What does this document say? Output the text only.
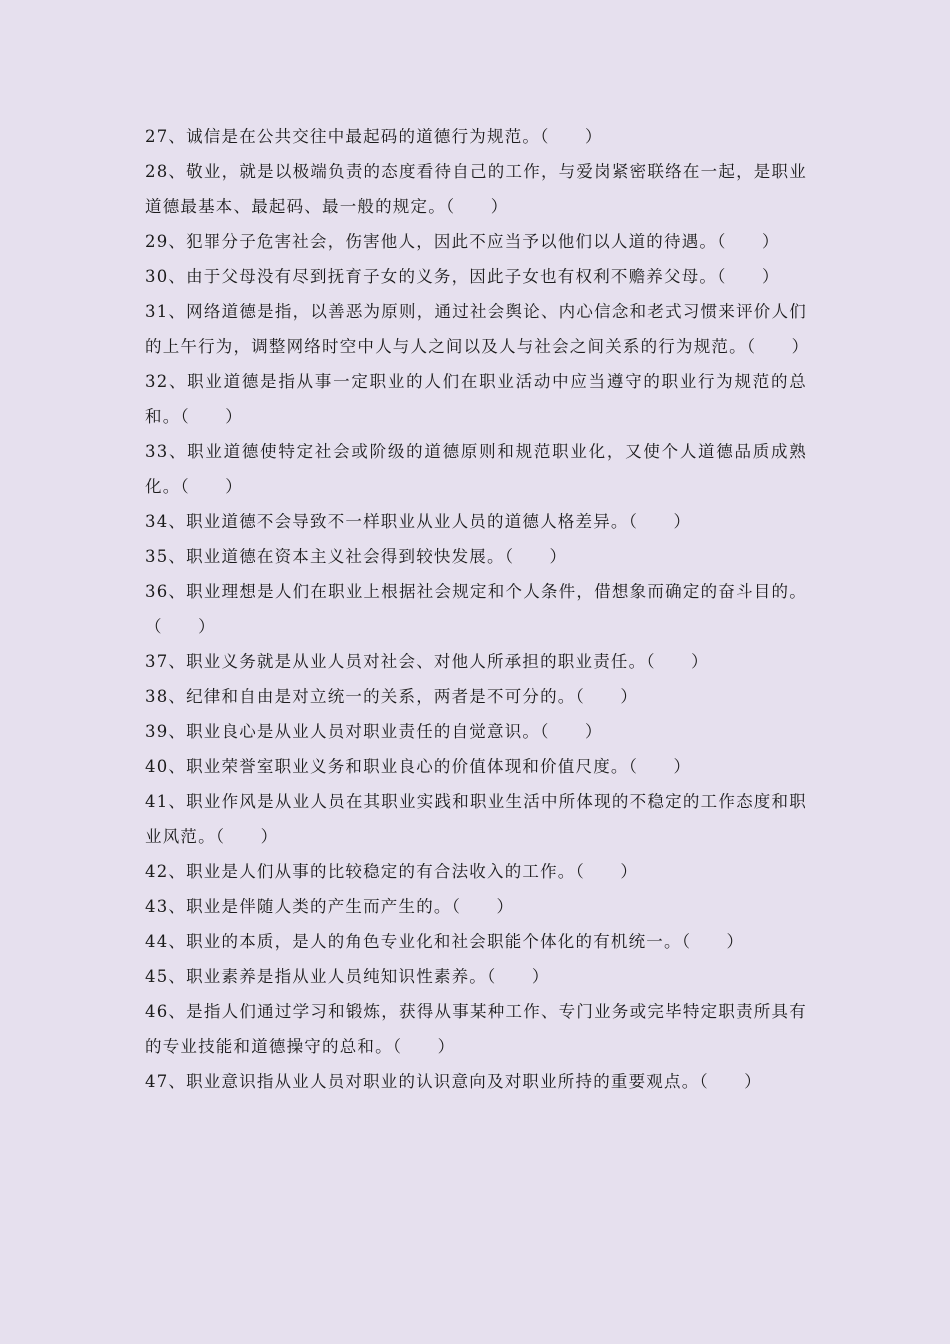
27、诚信是在公共交往中最起码的道德行为规范。（　　）
28、敬业，就是以极端负责的态度看待自己的工作，与爱岗紧密联络在一起，是职业道德最基本、最起码、最一般的规定。（　　）
29、犯罪分子危害社会，伤害他人，因此不应当予以他们以人道的待遇。（　　）
30、由于父母没有尽到抚育子女的义务，因此子女也有权利不赡养父母。（　　）
31、网络道德是指，以善恶为原则，通过社会舆论、内心信念和老式习惯来评价人们的上午行为，调整网络时空中人与人之间以及人与社会之间关系的行为规范。（　　）
32、职业道德是指从事一定职业的人们在职业活动中应当遵守的职业行为规范的总和。（　　）
33、职业道德使特定社会或阶级的道德原则和规范职业化，又使个人道德品质成熟化。（　　）
34、职业道德不会导致不一样职业从业人员的道德人格差异。（　　）
35、职业道德在资本主义社会得到较快发展。（　　）
36、职业理想是人们在职业上根据社会规定和个人条件，借想象而确定的奋斗目的。（　　）
37、职业义务就是从业人员对社会、对他人所承担的职业责任。（　　）
38、纪律和自由是对立统一的关系，两者是不可分的。（　　）
39、职业良心是从业人员对职业责任的自觉意识。（　　）
40、职业荣誉室职业义务和职业良心的价值体现和价值尺度。（　　）
41、职业作风是从业人员在其职业实践和职业生活中所体现的不稳定的工作态度和职业风范。（　　）
42、职业是人们从事的比较稳定的有合法收入的工作。（　　）
43、职业是伴随人类的产生而产生的。（　　）
44、职业的本质，是人的角色专业化和社会职能个体化的有机统一。（　　）
45、职业素养是指从业人员纯知识性素养。（　　）
46、是指人们通过学习和锻炼，获得从事某种工作、专门业务或完毕特定职责所具有的专业技能和道德操守的总和。（　　）
47、职业意识指从业人员对职业的认识意向及对职业所持的重要观点。（　　）
